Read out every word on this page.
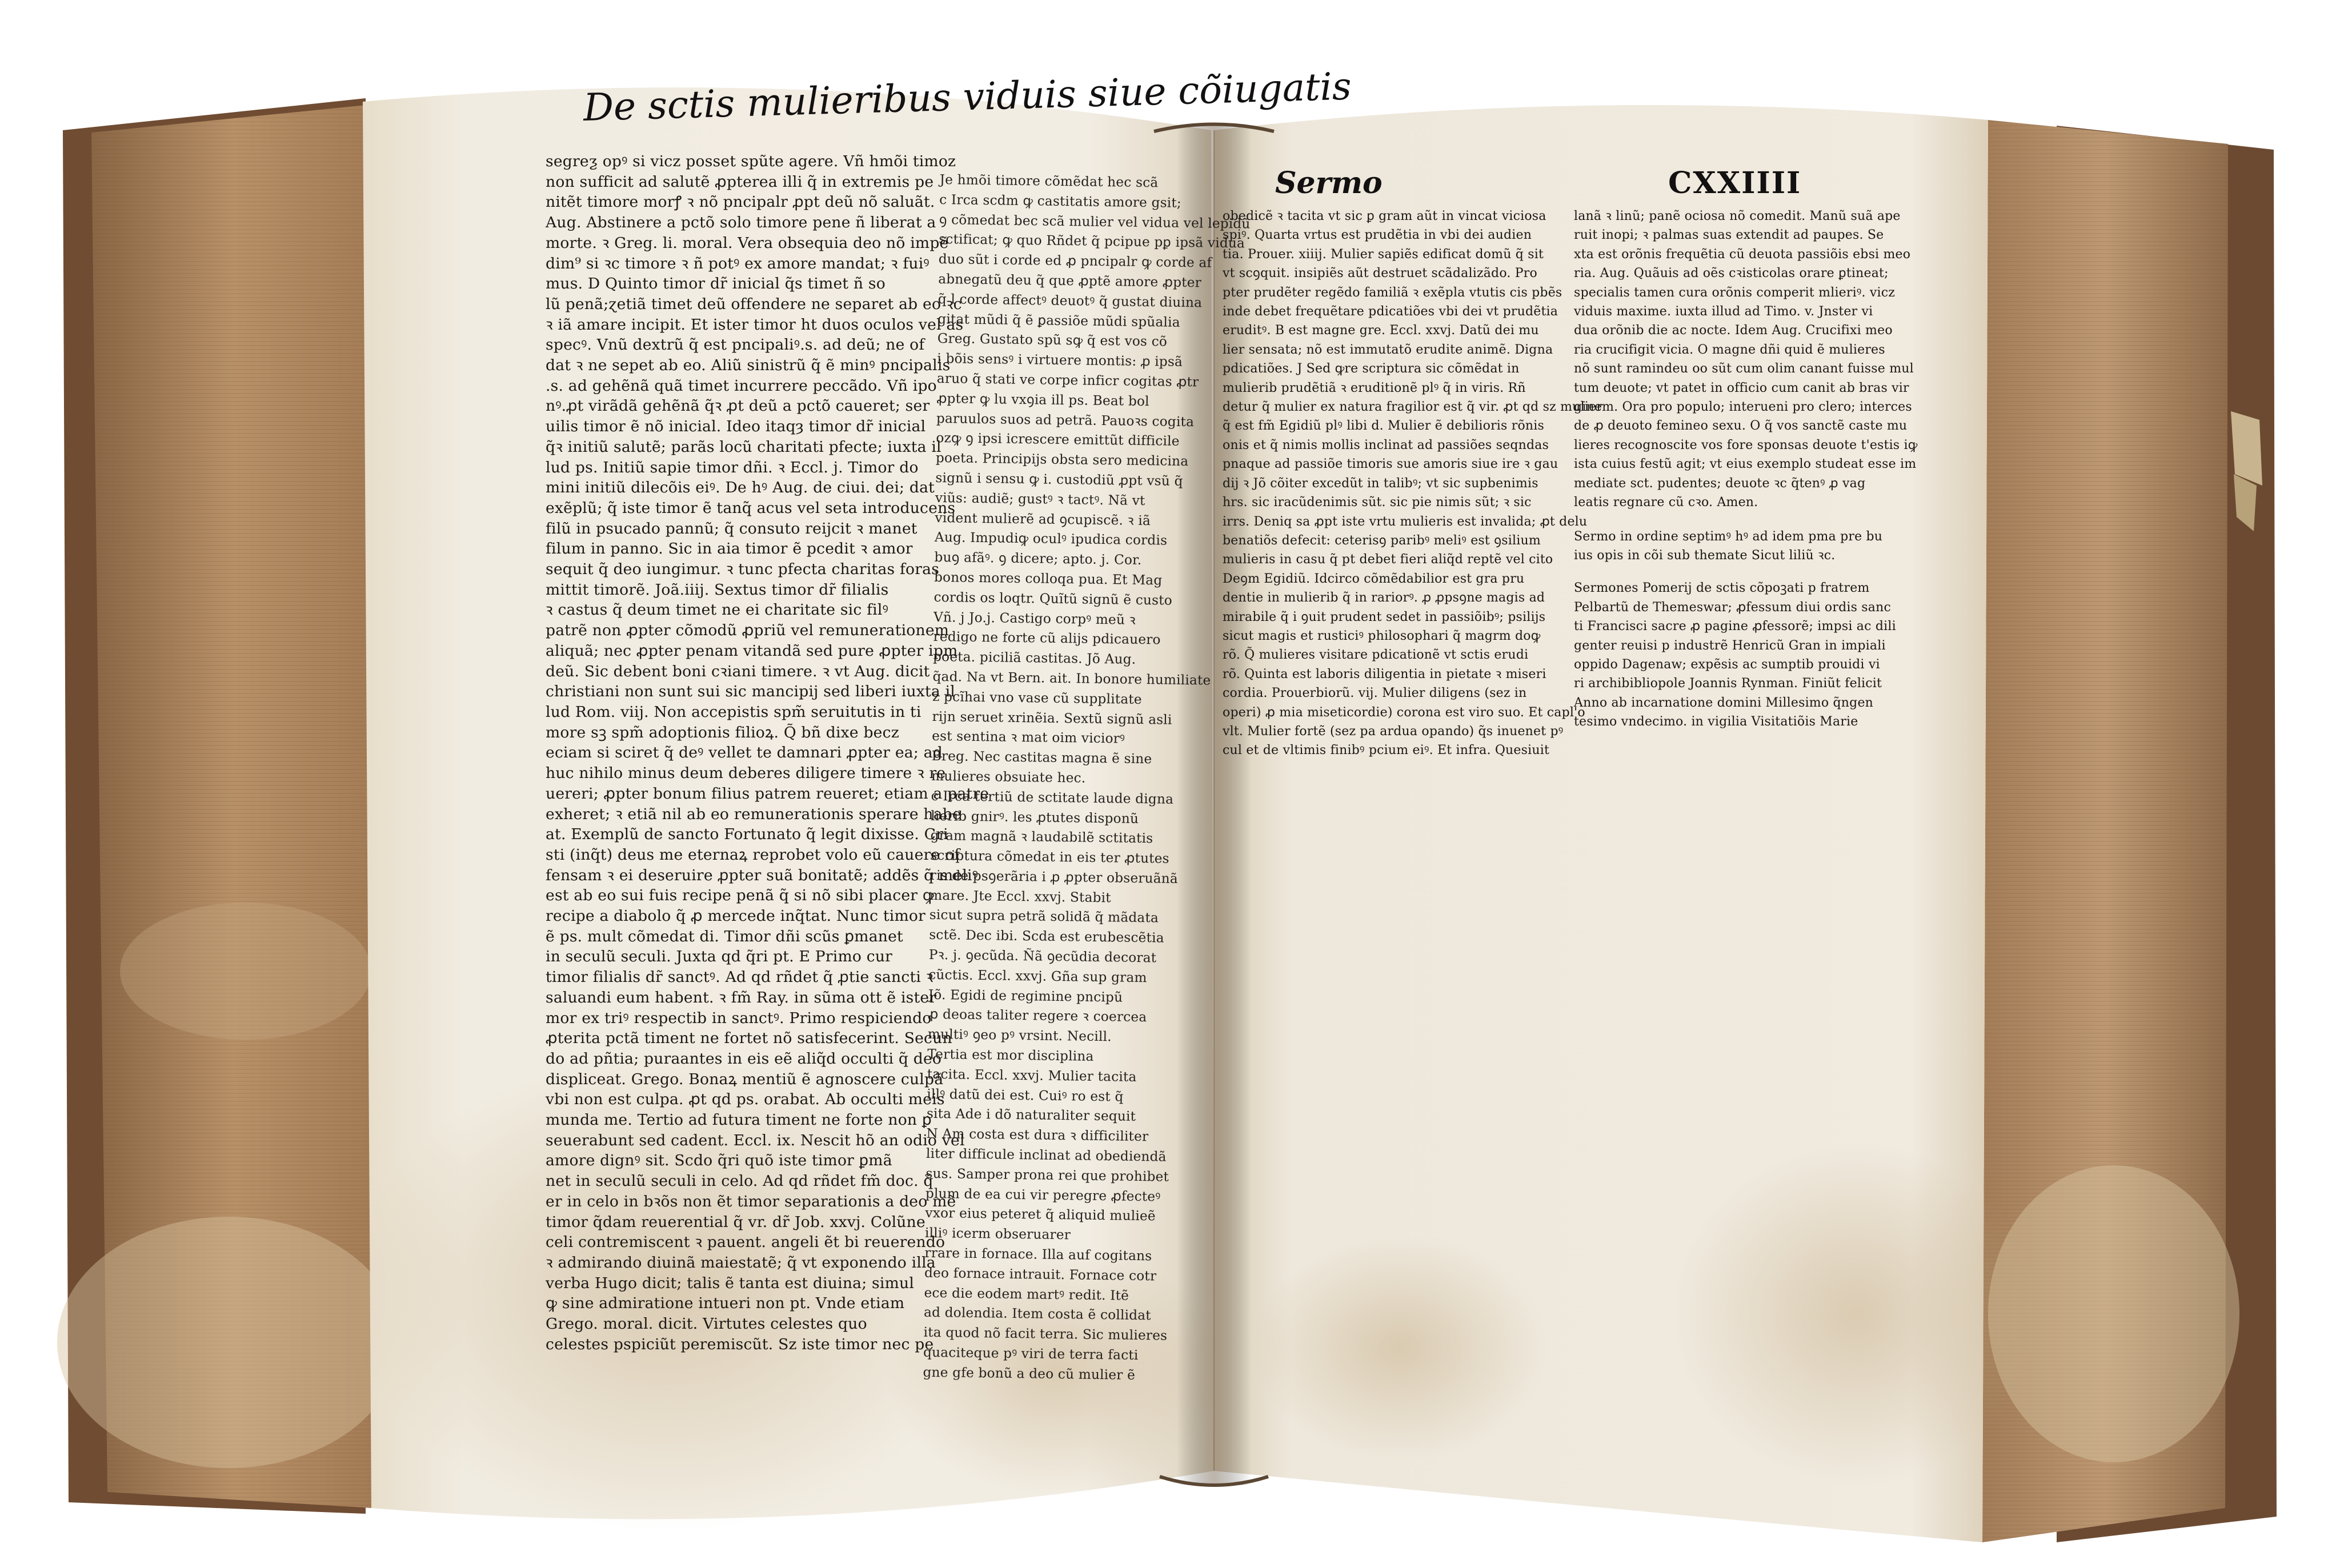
De sctis mulieribus viduis siue cõiugatis

segreƺ opꝰ si vicz posset spũte agere. Vñ hmõi timoz

non sufficit ad salutẽ ꝓpterea illi q̃ in extremis pe

nitẽt timore morꝭ ꝛ nõ pncipalr ꝓpt deũ nõ saluãt.

Aug. Abstinere a pctõ solo timore pene ñ liberat a

morte. ꝛ Greg. li. moral. Vera obsequia deo nõ impẽ

dim⁹ si ꝛc timore ꝛ ñ potꝰ ex amore mandat; ꝛ fuiꝰ

mus. D Quinto timor dr̃ inicial q̃s timet ñ so

lũ penã;ɀetiã timet deũ offendere ne separet ab eo ꝛc

ꝛ iã amare incipit. Et ister timor ht duos oculos vel as

specꝰ. Vnũ dextrũ q̃ est pncipaliꝰ.s. ad deũ; ne of

dat ꝛ ne sepet ab eo. Aliũ sinistrũ q̃ ẽ minꝰ pncipalis

.s. ad gehẽnã quã timet incurrere peccãdo. Vñ ipo

nꝰ.ꝓt virãdã gehẽnã q̃ꝛ ꝓt deũ a pctõ caueret; ser

uilis timor ẽ nõ inicial. Ideo itaqȝ timor dr̃ inicial

q̃ꝛ initiũ salutẽ; parãs locũ charitati pfecte; iuxta il

lud ps. Initiũ sapie timor dñi. ꝛ Eccl. j. Timor do

mini initiũ dilecõis eiꝰ. De hꝰ Aug. de ciui. dei; dat

exẽplũ; q̃ iste timor ẽ tanq̃ acus vel seta introducens

filũ in psucado pannũ; q̃ consuto reijcit ꝛ manet

filum in panno. Sic in aia timor ẽ pcedit ꝛ amor

sequit q̃ deo iungimur. ꝛ tunc pfecta charitas foras

mittit timorẽ. Joã.iiij. Sextus timor dr̃ filialis

ꝛ castus q̃ deum timet ne ei charitate sic filꝰ

patrẽ non ꝓpter cõmodũ ꝓpriũ vel remunerationem

aliquã; nec ꝓpter penam vitandã sed pure ꝓpter ipm

deũ. Sic debent boni cꝛiani timere. ꝛ vt Aug. dicit

christiani non sunt sui sic mancipij sed liberi iuxta il

lud Rom. viij. Non accepistis spm̃ seruitutis in ti

more sꝫ spm̃ adoptionis filioꝝ. Q̃ bñ dixe becz

eciam si sciret q̃ deꝰ vellet te damnari ꝓpter ea; ad

huc nihilo minus deum deberes diligere timere ꝛ re

uereri; ꝓpter bonum filius patrem reueret; etiam a patre

exheret; ꝛ etiã nil ab eo remunerationis sperare habe

at. Exemplũ de sancto Fortunato q̃ legit dixisse. Cri

sti (inq̃t) deus me eternaꝝ reprobet volo eũ cauere of

fensam ꝛ ei deseruire ꝓpter suã bonitatẽ; addẽs q̃ meliꝰ

est ab eo sui fuis recipe penã q̃ si nõ sibi placer ꝙ

recipe a diabolo q̃ ꝓ mercede inq̃tat. Nunc timor

ẽ ps. mult cõmedat di. Timor dñi scũs ꝑmanet

in seculũ seculi. Juxta qd q̃ri pt. E Primo cur

timor filialis dr̃ sanctꝰ. Ad qd rñdet q̃ ꝓtie sancti ꝛ

saluandi eum habent. ꝛ fm̃ Ray. in sũma ott ẽ ister

mor ex triꝰ respectib in sanctꝰ. Primo respiciendo

ꝓterita pctã timent ne fortet nõ satisfecerint. Secun

do ad pñtia; puraantes in eis eẽ aliq̃d occulti q̃ deo

displiceat. Grego. Bonaꝝ mentiũ ẽ agnoscere culpã

vbi non est culpa. ꝓt qd ps. orabat. Ab occulti meis

munda me. Tertio ad futura timent ne forte non ꝑ

seuerabunt sed cadent. Eccl. ix. Nescit hõ an odio vel

amore dignꝰ sit. Scdo q̃ri quõ iste timor ꝑmã

net in seculũ seculi in celo. Ad qd rñdet fm̃ doc. q̃

er in celo in bꝛõs non ẽt timor separationis a deo mẽ

timor q̃dam reuerential q̃ vr. dr̃ Job. xxvj. Colũne

celi contremiscent ꝛ pauent. angeli ẽt bi reuerendo

ꝛ admirando diuinã maiestatẽ; q̃ vt exponendo illa

verba Hugo dicit; talis ẽ tanta est diuina; simul

ꝙ sine admiratione intueri non pt. Vnde etiam

Grego. moral. dicit. Virtutes celestes quo

celestes pspiciũt peremiscũt. Sz iste timor nec pe

Je hmõi timore cõmẽdat hec scã

c Irca scdm ꝙ castitatis amore gsit;

ꝯ cõmedat bec scã mulier vel vidua vel lepidũ

sctificat; ꝙ quo Rñdet q̃ pcipue pꝑ ipsã vidua

duo sũt i corde ed ꝓ pncipalr ꝙ corde af

abnegatũ deu q̃ que ꝓptẽ amore ꝓpter

q̃ l corde affectꝰ deuotꝰ q̃ gustat diuina

gitat mũdi q̃ ẽ ꝑassiõe mũdi spũalia

Greg. Gustato spũ sꝙ q̃ est vos cõ

i bõis sensꝰ i virtuere montis: ꝓ ipsã

aruo q̃ stati ve corpe inficr cogitas ꝓtr

ꝓpter ꝙ lu vxꝯia ill ps. Beat bol

paruulos suos ad petrã. Pauoꝛs cogita

ozꝙ ꝯ ipsi icrescere emittũt difficile

poeta. Principijs obsta sero medicina

signũ i sensu ꝙ i. custodiũ ꝓpt vsũ q̃

viũs: audiẽ; gustꝰ ꝛ tactꝰ. Nã vt

vident mulierẽ ad ꝯcupiscẽ. ꝛ iã

Aug. Impudiꝙ oculꝰ ipudica cordis

buꝯ afãꝰ. ꝯ dicere; apto. j. Cor.

bonos mores colloqa pua. Et Mag

cordis os loqtr. Quĩtũ signũ ẽ custo

Vñ. j Jo.j. Castigo corpꝰ meũ ꝛ

redigo ne forte cũ alijs pdicauero

poeta. piciliã castitas. Jõ Aug.

q̃ad. Na vt Bern. ait. In bonore humiliate

z pcĩhai vno vase cũ supplitate

rijn seruet xrinẽia. Sextũ signũ asli

est sentina ꝛ mat oim viciorꝰ

Breg. Nec castitas magna ẽ sine

mulieres obsuiate hec.

c Irca tertiũ de sctitate laude digna

lierib gnirꝰ. les ꝓtutes disponũ

gram magnã ꝛ laudabilẽ sctitatis

scriptura cõmedat in eis ter ꝓtutes

ris de psꝯerãria i ꝓ ꝓpter obseruãnã

mare. Jte Eccl. xxvj. Stabit

sicut supra petrã solidã q̃ mãdata

sctẽ. Dec ibi. Scda est erubescẽtia

Pꝛ. j. ꝯecũda. Ñã ꝯecũdia decorat

cũctis. Eccl. xxvj. Gña sup gram

Jõ. Egidi de regimine pncipũ

ꝓ deoas taliter regere ꝛ coercea

multiꝰ ꝯeo pꝰ vrsint. Necill.

Tertia est mor disciplina

tacita. Eccl. xxvj. Mulier tacita

illꝰ datũ dei est. Cuiꝰ ro est q̃

sita Ade i dõ naturaliter sequit

N Am costa est dura ꝛ difficiliter

liter difficule inclinat ad obediendã

sus. Samper prona rei que prohibet

plum de ea cui vir peregre ꝓfecteꝰ

vxor eius peteret q̃ aliquid mulieẽ

illiꝰ icerm obseruarer

rrare in fornace. Illa auf cogitans

deo fornace intrauit. Fornace cotr

ece die eodem martꝰ redit. Itẽ

ad dolendia. Item costa ẽ collidat

ita quod nõ facit terra. Sic mulieres

quaciteque pꝰ viri de terra facti

gne gfe bonũ a deo cũ mulier ẽ

Sermo	CXXIIII

obedicẽ ꝛ tacita vt sic ꝑ gram aũt in vincat viciosa

spiꝰ. Quarta vrtus est prudẽtia in vbi dei audien

tia. Prouer. xiiij. Mulier sapiẽs edificat domũ q̃ sit

vt scꝯquit. insipiẽs aũt destruet scãdalizãdo. Pro

pter prudẽter regẽdo familiã ꝛ exẽpla vtutis cis pbẽs

inde debet frequẽtare pdicatiões vbi dei vt prudẽtia

eruditꝰ. B est magne gre. Eccl. xxvj. Datũ dei mu

lier sensata; nõ est immutatõ erudite animẽ. Digna

pdicatiões. J Sed ꝙre scriptura sic cõmẽdat in

mulierib prudẽtiã ꝛ eruditionẽ plꝰ q̃ in viris. Rñ

detur q̃ mulier ex natura fragilior est q̃ vir. ꝓt qd sz mulier

q̃ est fm̃ Egidiũ plꝰ libi d. Mulier ẽ debilioris rõnis

onis et q̃ nimis mollis inclinat ad passiões seqndas

pnaque ad passiõe timoris sue amoris siue ire ꝛ gau

dij ꝛ Jõ cõiter excedũt in talibꝰ; vt sic supbenimis

hrs. sic iracũdenimis sũt. sic pie nimis sũt; ꝛ sic

irrs. Deniq sa ꝓpt iste vrtu mulieris est invalida; ꝓt delu

benatiõs defecit: ceterisꝯ paribꝰ meliꝰ est ꝯsilium

mulieris in casu q̃ pt debet fieri aliq̃d reptẽ vel cito

Deꝯm Egidiũ. Idcirco cõmẽdabilior est gra pru

dentie in mulierib q̃ in rariorꝰ. ꝓ ꝓpsꝯne magis ad

mirabile q̃ i ꝯuit prudent sedet in passiõibꝰ; psilijs

sicut magis et rusticiꝰ philosophari q̃ magrm doꝙ

rõ. Q̃ mulieres visitare pdicationẽ vt sctis erudi

rõ. Quinta est laboris diligentia in pietate ꝛ miseri

cordia. Prouerbiorũ. vij. Mulier diligens (sez in

operi) ꝓ mia miseticordie) corona est viro suo. Et capl'o

vlt. Mulier fortẽ (sez pa ardua opando) q̃s inuenet pꝰ

cul et de vltimis finibꝰ pcium eiꝰ. Et infra. Quesiuit

lanã ꝛ linũ; panẽ ociosa nõ comedit. Manũ suã ape

ruit inopi; ꝛ palmas suas extendit ad paupes. Se

xta est orõnis frequẽtia cũ deuota passiõis ebsi meo

ria. Aug. Quãuis ad oẽs cꝛisticolas orare ꝑtineat;

specialis tamen cura orõnis comperit mlieriꝰ. vicz

viduis maxime. iuxta illud ad Timo. v. Jnster vi

dua orõnib die ac nocte. Idem Aug. Crucifixi meo

ria crucifigit vicia. O magne dñi quid ẽ mulieres

nõ sunt ramindeu oo sũt cum olim canant fuisse mul

tum deuote; vt patet in officio cum canit ab bras vir

ginem. Ora pro populo; interueni pro clero; interces

de ꝓ deuoto femineo sexu. O q̃ vos sanctẽ caste mu

lieres recognoscite vos fore sponsas deuote t'estis iꝙ

ista cuius festũ agit; vt eius exemplo studeat esse im

mediate sct. pudentes; deuote ꝛc q̃tenꝰ ꝓ vag

leatis regnare cũ cꝛo. Amen.

Sermo in ordine septimꝰ hꝰ ad idem pma pre bu

ius opis in cõi sub themate Sicut liliũ ꝛc.

Sermones Pomerij de sctis cõpoꝫati p fratrem

Pelbartũ de Themeswar; ꝓfessum diui ordis sanc

ti Francisci sacre ꝓ pagine ꝓfessorẽ; impsi ac dili

genter reuisi p industrẽ Henricũ Gran in impiali

oppido Dagenaw; expẽsis ac sumptib prouidi vi

ri archibibliopole Joannis Rynman. Finiũt felicit

Anno ab incarnatione domini Millesimo q̃ngen

tesimo vndecimo. in vigilia Visitatiõis Marie
